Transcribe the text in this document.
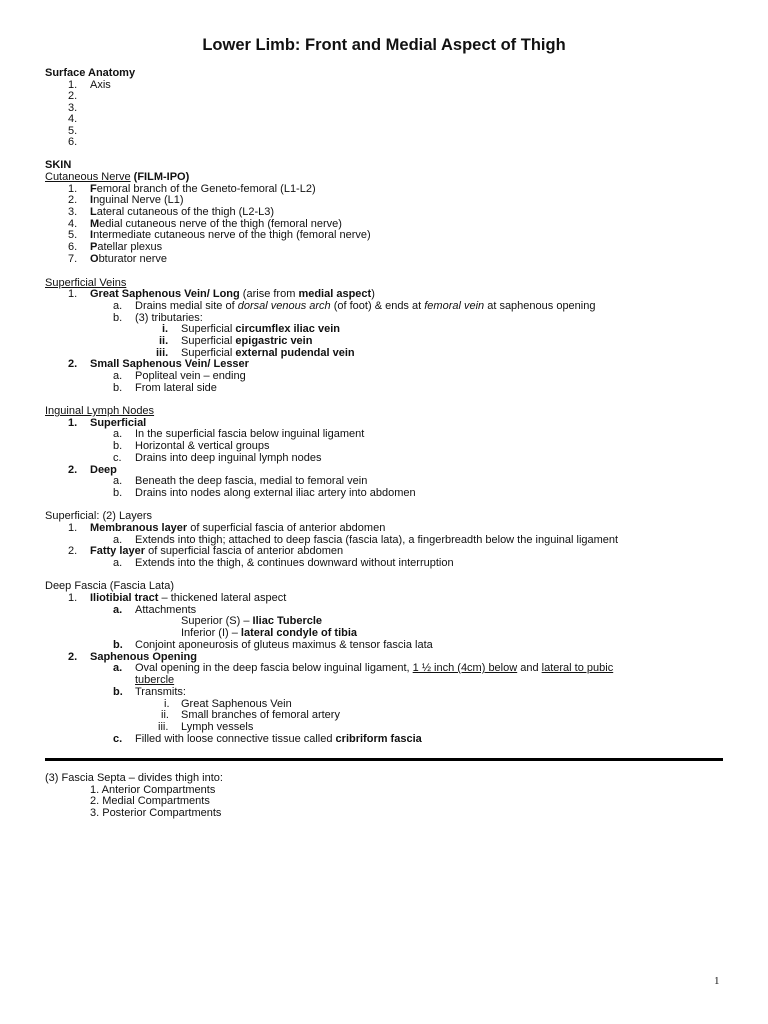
Lower Limb: Front and Medial Aspect of Thigh
Surface Anatomy
1. Axis
2.
3.
4.
5.
6.
SKIN
Cutaneous Nerve (FILM-IPO)
1. Femoral branch of the Geneto-femoral (L1-L2)
2. Inguinal Nerve (L1)
3. Lateral cutaneous of the thigh (L2-L3)
4. Medial cutaneous nerve of the thigh (femoral nerve)
5. Intermediate cutaneous nerve of the thigh (femoral nerve)
6. Patellar plexus
7. Obturator nerve
Superficial Veins
1. Great Saphenous Vein/ Long (arise from medial aspect)
a. Drains medial site of dorsal venous arch (of foot) & ends at femoral vein at saphenous opening
b. (3) tributaries:
i. Superficial circumflex iliac vein
ii. Superficial epigastric vein
iii. Superficial external pudendal vein
2. Small Saphenous Vein/ Lesser
a. Popliteal vein – ending
b. From lateral side
Inguinal Lymph Nodes
1. Superficial
a. In the superficial fascia below inguinal ligament
b. Horizontal & vertical groups
c. Drains into deep inguinal lymph nodes
2. Deep
a. Beneath the deep fascia, medial to femoral vein
b. Drains into nodes along external iliac artery into abdomen
Superficial: (2) Layers
1. Membranous layer of superficial fascia of anterior abdomen
a. Extends into thigh; attached to deep fascia (fascia lata), a fingerbreadth below the inguinal ligament
2. Fatty layer of superficial fascia of anterior abdomen
a. Extends into the thigh, & continues downward without interruption
Deep Fascia (Fascia Lata)
1. Iliotibial tract – thickened lateral aspect
a. Attachments
Superior (S) – Iliac Tubercle
Inferior (I) – lateral condyle of tibia
b. Conjoint aponeurosis of gluteus maximus & tensor fascia lata
2. Saphenous Opening
a. Oval opening in the deep fascia below inguinal ligament, 1 ½ inch (4cm) below and lateral to pubic
tubercle
b. Transmits:
i. Great Saphenous Vein
ii. Small branches of femoral artery
iii. Lymph vessels
c. Filled with loose connective tissue called cribriform fascia
(3) Fascia Septa – divides thigh into:
1. Anterior Compartments
2. Medial Compartments
3. Posterior Compartments
1
